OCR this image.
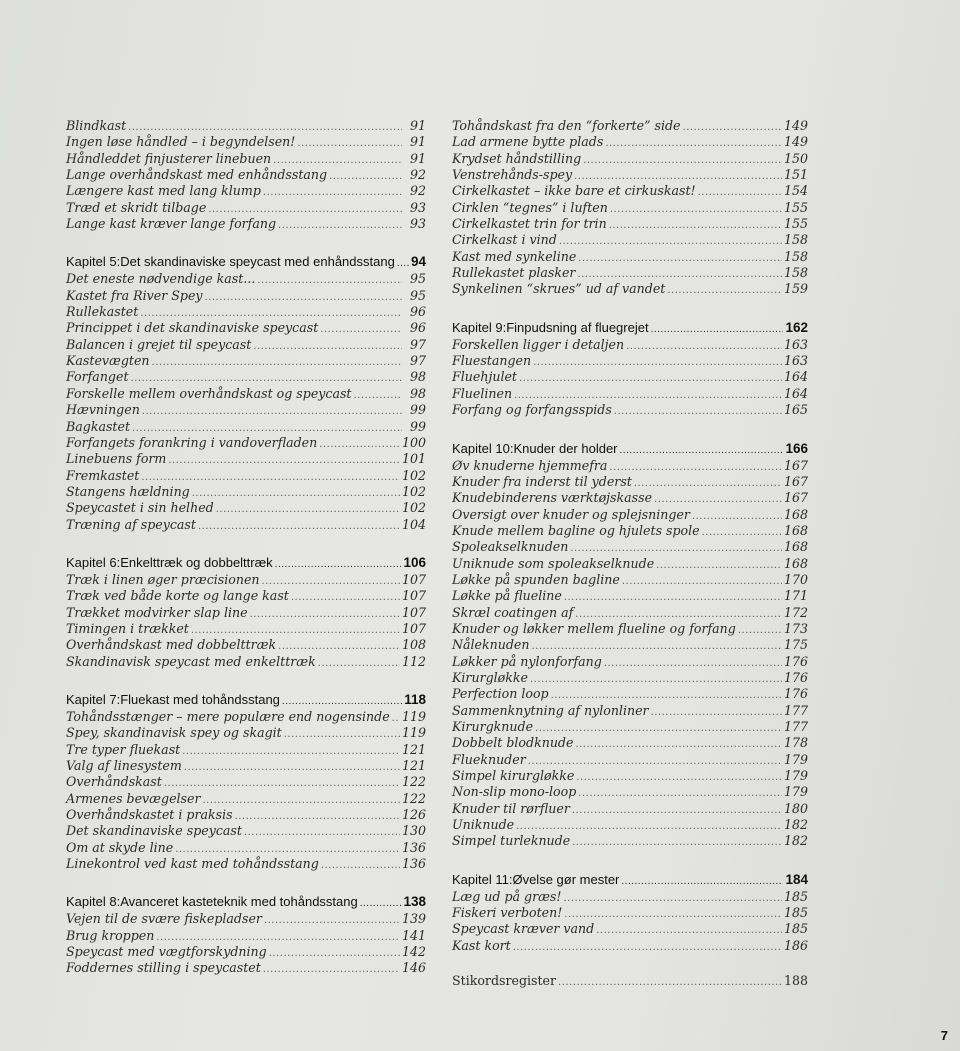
Blindkast .....	91
Ingen løse håndled – i begyndelsen! .....	91
Håndleddet finjusterer linebuen .....	91
Lange overhåndskast med enhåndsstang .....	92
Længere kast med lang klump .....	92
Træd et skridt tilbage .....	93
Lange kast kræver lange forfang .....	93
Kapitel 5: Det skandinaviske speycast med enhåndsstang ..... 94
Det eneste nødvendige kast... .....	95
Kastet fra River Spey .....	95
Rullekastet .....	96
Princippet i det skandinaviske speycast .....	96
Balancen i grejet til speycast .....	97
Kastevægten .....	97
Forfanget .....	98
Forskelle mellem overhåndskast og speycast .....	98
Hævningen .....	99
Bagkastet .....	99
Forfangets forankring i vandoverfladen .....	100
Linebuens form .....	101
Fremkastet .....	102
Stangens hældning .....	102
Speycastet i sin helhed .....	102
Træning af speycast .....	104
Kapitel 6: Enkelttræk og dobbelttræk .....	106
Træk i linen øger præcisionen .....	107
Træk ved både korte og lange kast .....	107
Trækket modvirker slap line .....	107
Timingen i trækket .....	107
Overhåndskast med dobbelttræk .....	108
Skandinavisk speycast med enkelttræk .....	112
Kapitel 7: Fluekast med tohåndsstang .....	118
Tohåndsstænger – mere populære end nogensinde ..... 119
Spey, skandinavisk spey og skagit .....	119
Tre typer fluekast .....	121
Valg af linesystem .....	121
Overhåndskast .....	122
Armenes bevægelser .....	122
Overhåndskastet i praksis .....	126
Det skandinaviske speycast .....	130
Om at skyde line .....	136
Linekontrol ved kast med tohåndsstang .....	136
Kapitel 8: Avanceret kasteteknik med tohåndsstang .....	138
Vejen til de svære fiskepladser .....	139
Brug kroppen .....	141
Speycast med vægtforskydning .....	142
Foddernes stilling i speycastet .....	146
Tohåndskast fra den “forkerte” side .....	149
Lad armene bytte plads .....	149
Krydset håndstilling .....	150
Venstrehånds-spey .....	151
Cirkelkastet – ikke bare et cirkuskast! .....	154
Cirklen “tegnes” i luften .....	155
Cirkelkastet trin for trin .....	155
Cirkelkast i vind .....	158
Kast med synkeline .....	158
Rullekastet plasker .....	158
Synkelinen “skrues” ud af vandet .....	159
Kapitel 9: Finpudsning af fluegrejet .....	162
Forskellen ligger i detaljen .....	163
Fluestangen .....	163
Fluehjulet .....	164
Fluelinen .....	164
Forfang og forfangsspids .....	165
Kapitel 10: Knuder der holder .....	166
Øv knuderne hjemmefra .....	167
Knuder fra inderst til yderst .....	167
Knudebinderens værktøjskasse .....	167
Oversigt over knuder og splejsninger .....	168
Knude mellem bagline og hjulets spole .....	168
Spoleakselknuden .....	168
Uniknude som spoleakselknude .....	168
Løkke på spunden bagline .....	170
Løkke på flueline .....	171
Skræl coatingen af .....	172
Knuder og løkker mellem flueline og forfang .....	173
Nåleknuden .....	175
Løkker på nylonforfang .....	176
Kirurgløkke .....	176
Perfection loop .....	176
Sammenknytning af nylonliner .....	177
Kirurgknude .....	177
Dobbelt blodknude .....	178
Flueknuder .....	179
Simpel kirurgløkke .....	179
Non-slip mono-loop .....	179
Knuder til rørfluer .....	180
Uniknude .....	182
Simpel turleknude .....	182
Kapitel 11: Øvelse gør mester .....	184
Læg ud på græs! .....	185
Fiskeri verboten! .....	185
Speycast kræver vand .....	185
Kast kort .....	186
Stikordsregister .....	188
7
